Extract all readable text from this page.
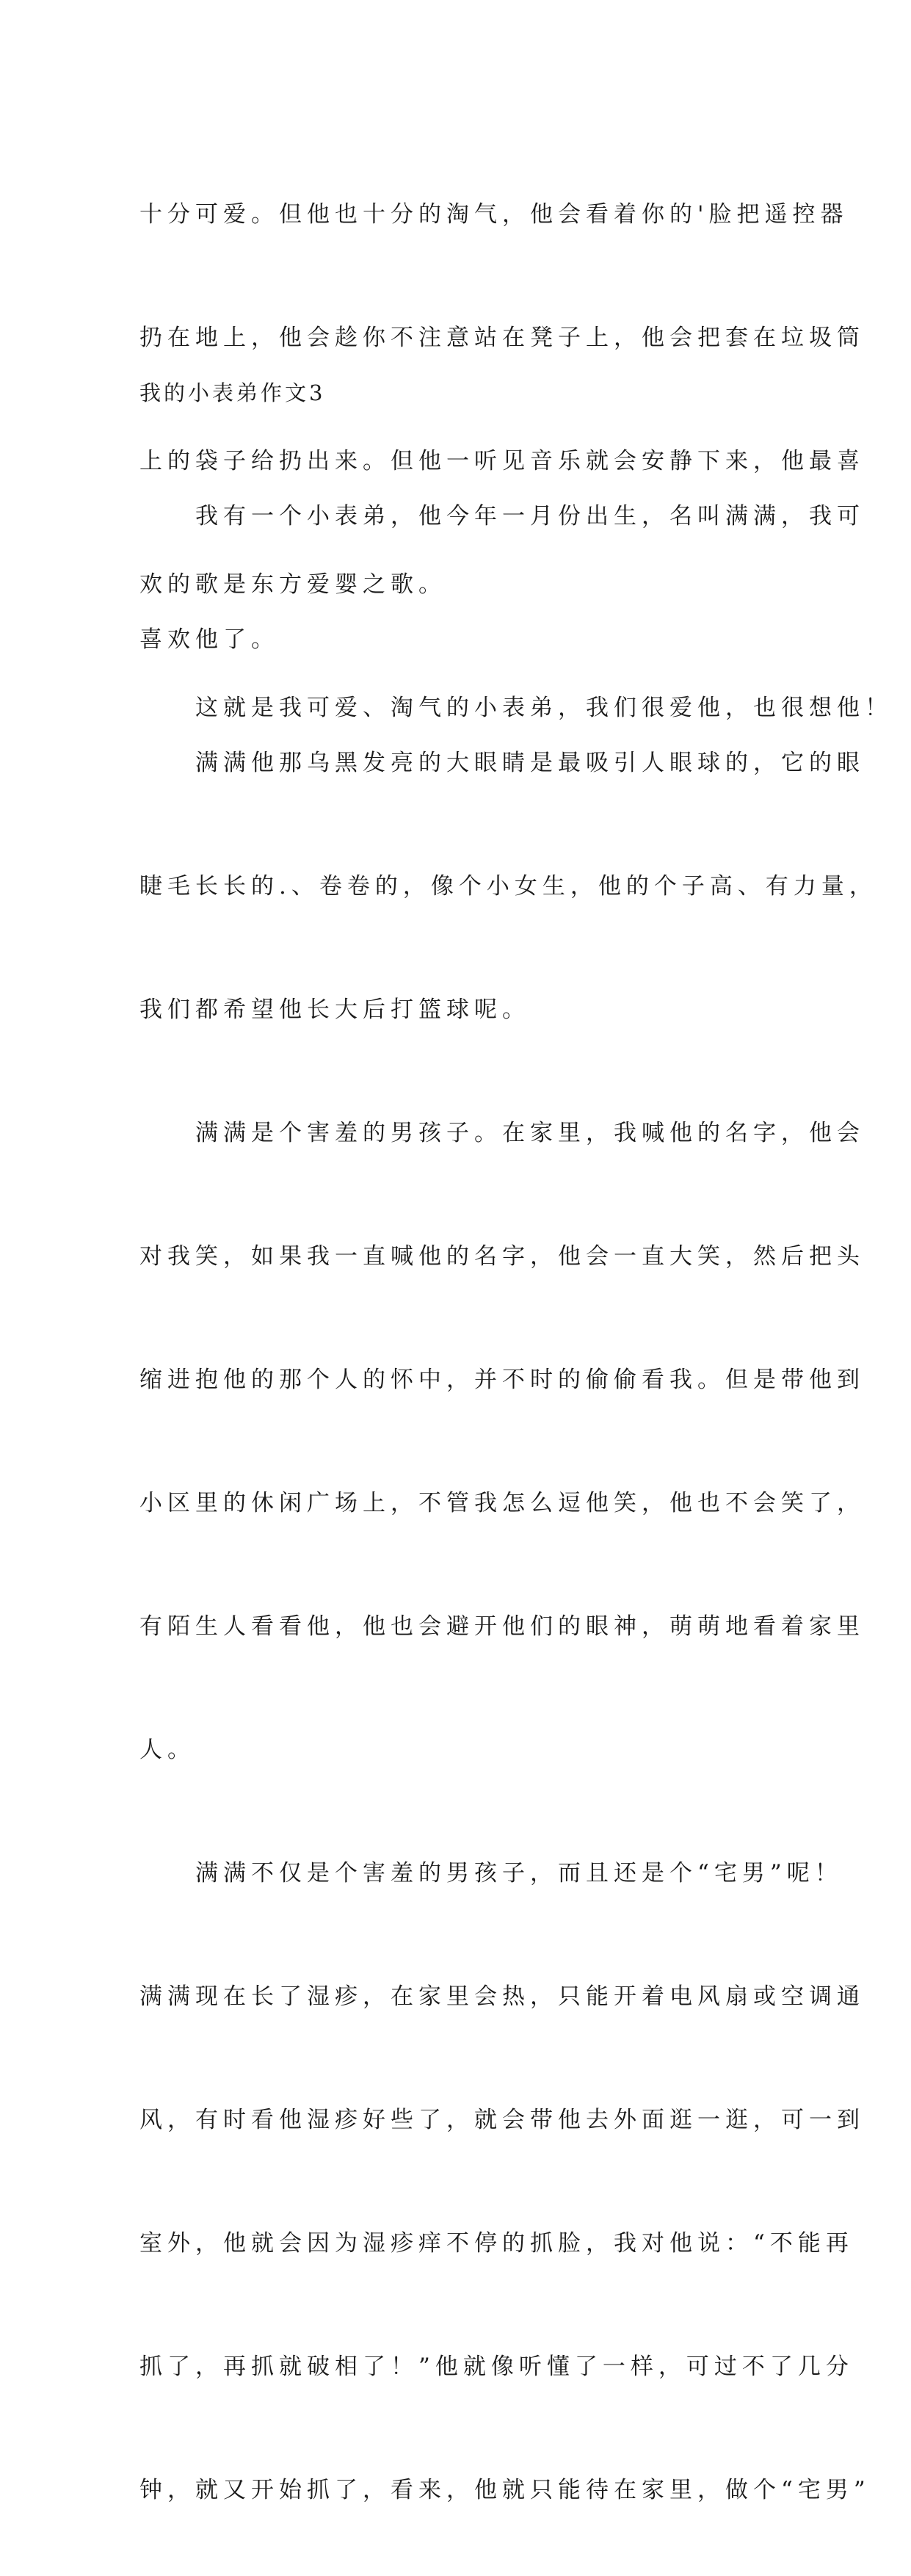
十分可爱。但他也十分的淘气，他会看着你的'脸把遥控器

扔在地上，他会趁你不注意站在凳子上，他会把套在垃圾筒

上的袋子给扔出来。但他一听见音乐就会安静下来，他最喜

欢的歌是东方爱婴之歌。

　　这就是我可爱、淘气的小表弟，我们很爱他，也很想他！

我的小表弟作文3

　　我有一个小表弟，他今年一月份出生，名叫满满，我可

喜欢他了。

　　满满他那乌黑发亮的大眼睛是最吸引人眼球的，它的眼

睫毛长长的.、卷卷的，像个小女生，他的个子高、有力量，

我们都希望他长大后打篮球呢。

　　满满是个害羞的男孩子。在家里，我喊他的名字，他会

对我笑，如果我一直喊他的名字，他会一直大笑，然后把头

缩进抱他的那个人的怀中，并不时的偷偷看我。但是带他到

小区里的休闲广场上，不管我怎么逗他笑，他也不会笑了，

有陌生人看看他，他也会避开他们的眼神，萌萌地看着家里

人。

　　满满不仅是个害羞的男孩子，而且还是个“宅男”呢！

满满现在长了湿疹，在家里会热，只能开着电风扇或空调通

风，有时看他湿疹好些了，就会带他去外面逛一逛，可一到

室外，他就会因为湿疹痒不停的抓脸，我对他说：“不能再

抓了，再抓就破相了！”他就像听懂了一样，可过不了几分

钟，就又开始抓了，看来，他就只能待在家里，做个“宅男”
